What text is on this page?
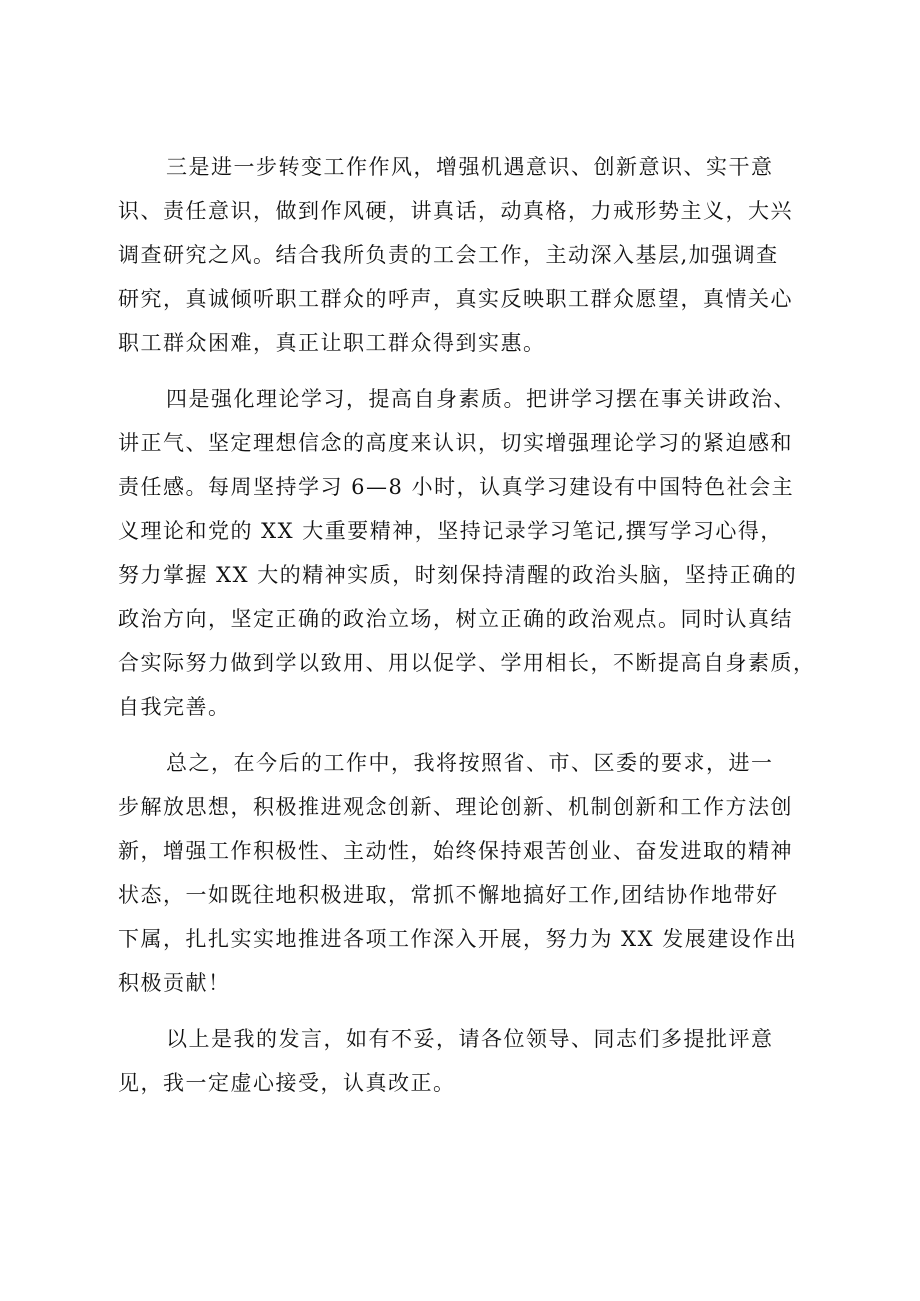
三是进一步转变工作作风，增强机遇意识、创新意识、实干意
识、责任意识，做到作风硬，讲真话，动真格，力戒形势主义，大兴
调查研究之风。结合我所负责的工会工作，主动深入基层,加强调查
研究，真诚倾听职工群众的呼声，真实反映职工群众愿望，真情关心
职工群众困难，真正让职工群众得到实惠。

四是强化理论学习，提高自身素质。把讲学习摆在事关讲政治、
讲正气、坚定理想信念的高度来认识，切实增强理论学习的紧迫感和
责任感。每周坚持学习 6—8 小时，认真学习建设有中国特色社会主
义理论和党的 XX 大重要精神，坚持记录学习笔记,撰写学习心得，
努力掌握 XX 大的精神实质，时刻保持清醒的政治头脑，坚持正确的
政治方向，坚定正确的政治立场，树立正确的政治观点。同时认真结
合实际努力做到学以致用、用以促学、学用相长，不断提高自身素质，
自我完善。

总之，在今后的工作中，我将按照省、市、区委的要求，进一
步解放思想，积极推进观念创新、理论创新、机制创新和工作方法创
新，增强工作积极性、主动性，始终保持艰苦创业、奋发进取的精神
状态，一如既往地积极进取，常抓不懈地搞好工作,团结协作地带好
下属，扎扎实实地推进各项工作深入开展，努力为 XX 发展建设作出
积极贡献！

以上是我的发言，如有不妥，请各位领导、同志们多提批评意
见，我一定虚心接受，认真改正。
